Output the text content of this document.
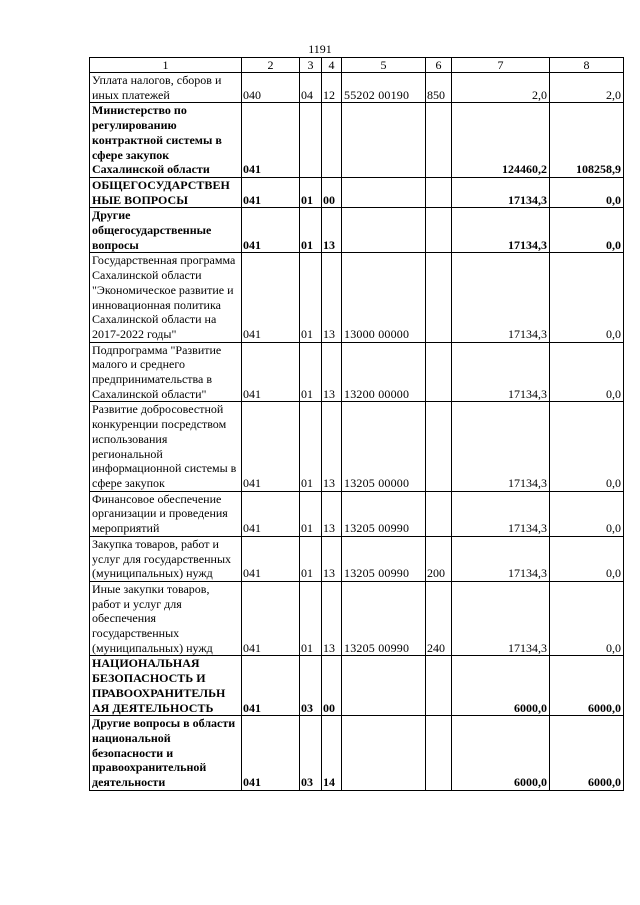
1191
1	2	3	4	5	6	7	8
Уплата налогов, сборов и иных платежей	040	04	12	55202 00190	850	2,0	2,0
Министерство по регулированию контрактной системы в сфере закупок Сахалинской области	041					124460,2	108258,9
ОБЩЕГОСУДАРСТВЕН НЫЕ ВОПРОСЫ	041	01	00			17134,3	0,0
Другие общегосударственные вопросы	041	01	13			17134,3	0,0
Государственная программа Сахалинской области "Экономическое развитие и инновационная политика Сахалинской области на 2017-2022 годы"	041	01	13	13000 00000		17134,3	0,0
Подпрограмма "Развитие малого и среднего предпринимательства в Сахалинской области"	041	01	13	13200 00000		17134,3	0,0
Развитие добросовестной конкуренции посредством использования региональной информационной системы в сфере закупок	041	01	13	13205 00000		17134,3	0,0
Финансовое обеспечение организации и проведения мероприятий	041	01	13	13205 00990		17134,3	0,0
Закупка товаров, работ и услуг для государственных (муниципальных) нужд	041	01	13	13205 00990	200	17134,3	0,0
Иные закупки товаров, работ и услуг для обеспечения государственных (муниципальных) нужд	041	01	13	13205 00990	240	17134,3	0,0
НАЦИОНАЛЬНАЯ БЕЗОПАСНОСТЬ И ПРАВООХРАНИТЕЛЬН АЯ ДЕЯТЕЛЬНОСТЬ	041	03	00			6000,0	6000,0
Другие вопросы в области национальной безопасности и правоохранительной деятельности	041	03	14			6000,0	6000,0
